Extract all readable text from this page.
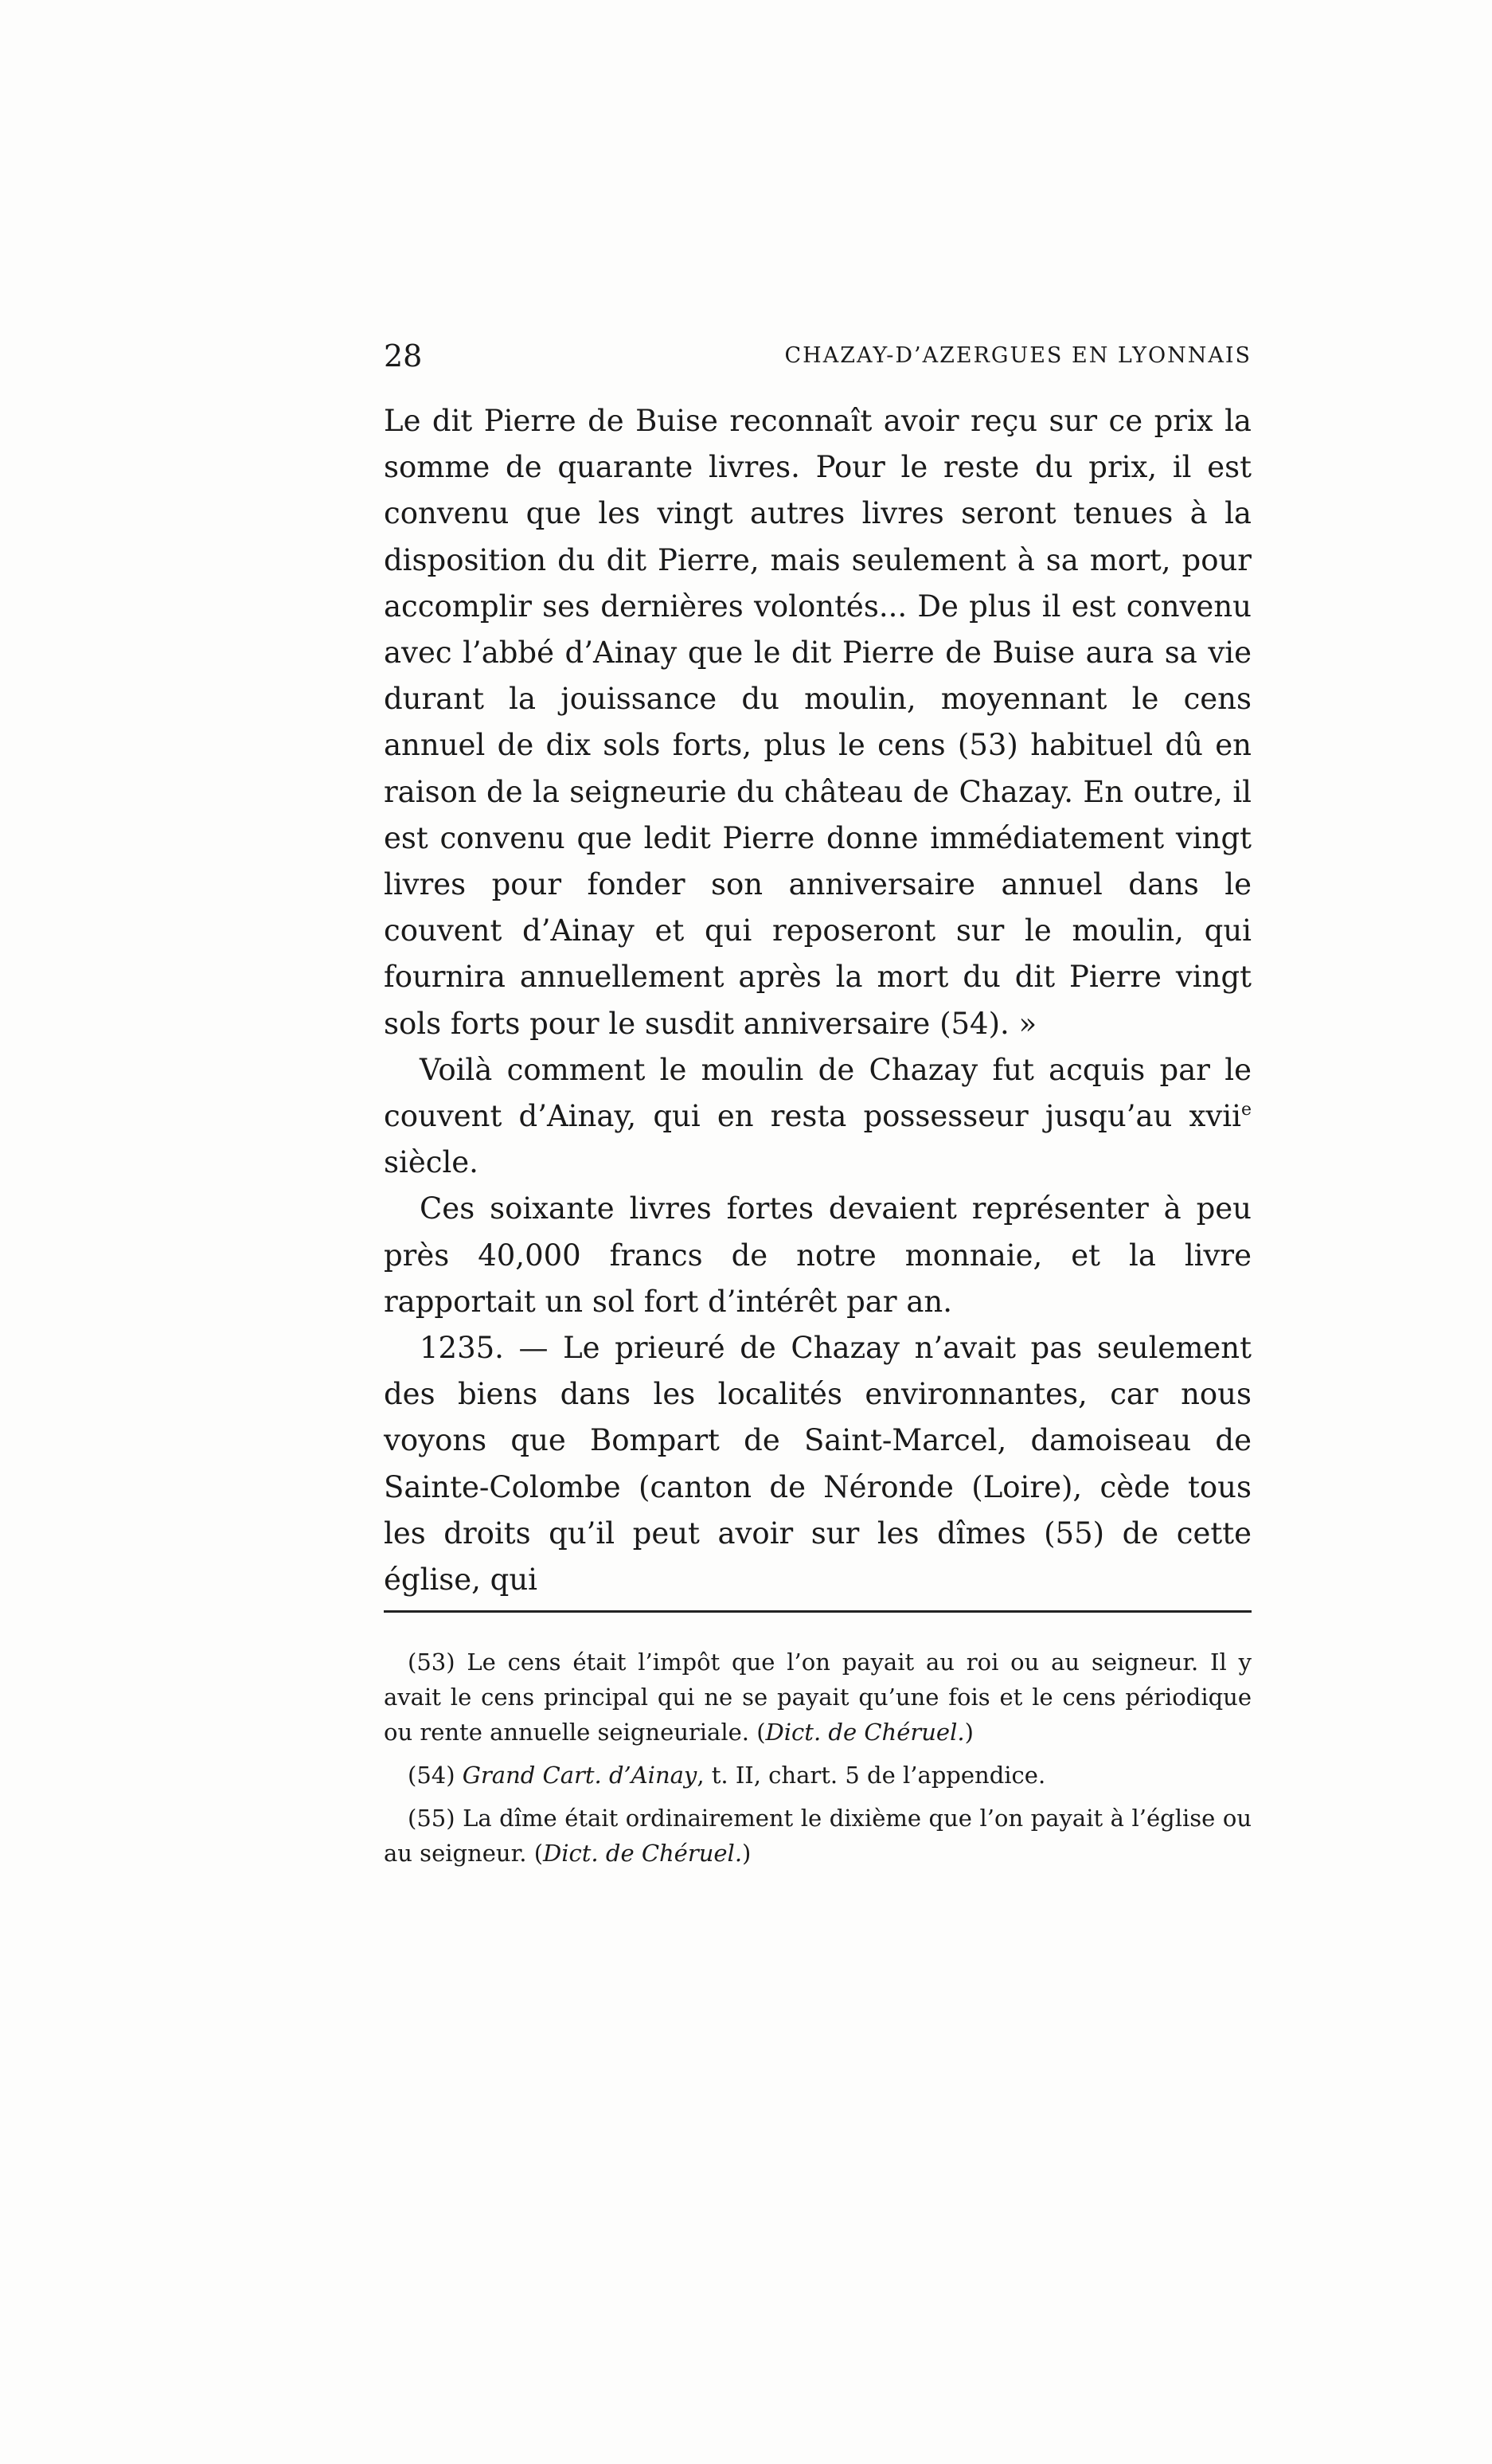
28	CHAZAY-D’AZERGUES EN LYONNAIS

Le dit Pierre de Buise reconnaît avoir reçu sur ce prix la somme de quarante livres. Pour le reste du prix, il est convenu que les vingt autres livres seront tenues à la disposition du dit Pierre, mais seulement à sa mort, pour accomplir ses dernières volontés... De plus il est convenu avec l’abbé d’Ainay que le dit Pierre de Buise aura sa vie durant la jouissance du moulin, moyennant le cens annuel de dix sols forts, plus le cens (53) habituel dû en raison de la seigneurie du château de Chazay. En outre, il est convenu que ledit Pierre donne immédiatement vingt livres pour fonder son anniversaire annuel dans le couvent d’Ainay et qui reposeront sur le moulin, qui fournira annuellement après la mort du dit Pierre vingt sols forts pour le susdit anniversaire (54). »

Voilà comment le moulin de Chazay fut acquis par le couvent d’Ainay, qui en resta possesseur jusqu’au xvii$^e$ siècle.

Ces soixante livres fortes devaient représenter à peu près 40,000 francs de notre monnaie, et la livre rapportait un sol fort d’intérêt par an.

1235. — Le prieuré de Chazay n’avait pas seulement des biens dans les localités environnantes, car nous voyons que Bompart de Saint-Marcel, damoiseau de Sainte-Colombe (canton de Néronde (Loire), cède tous les droits qu’il peut avoir sur les dîmes (55) de cette église, qui

(53) Le cens était l’impôt que l’on payait au roi ou au seigneur. Il y avait le cens principal qui ne se payait qu’une fois et le cens périodique ou rente annuelle seigneuriale. (Dict. de Chéruel.)

(54) Grand Cart. d’Ainay, t. II, chart. 5 de l’appendice.

(55) La dîme était ordinairement le dixième que l’on payait à l’église ou au seigneur. (Dict. de Chéruel.)
